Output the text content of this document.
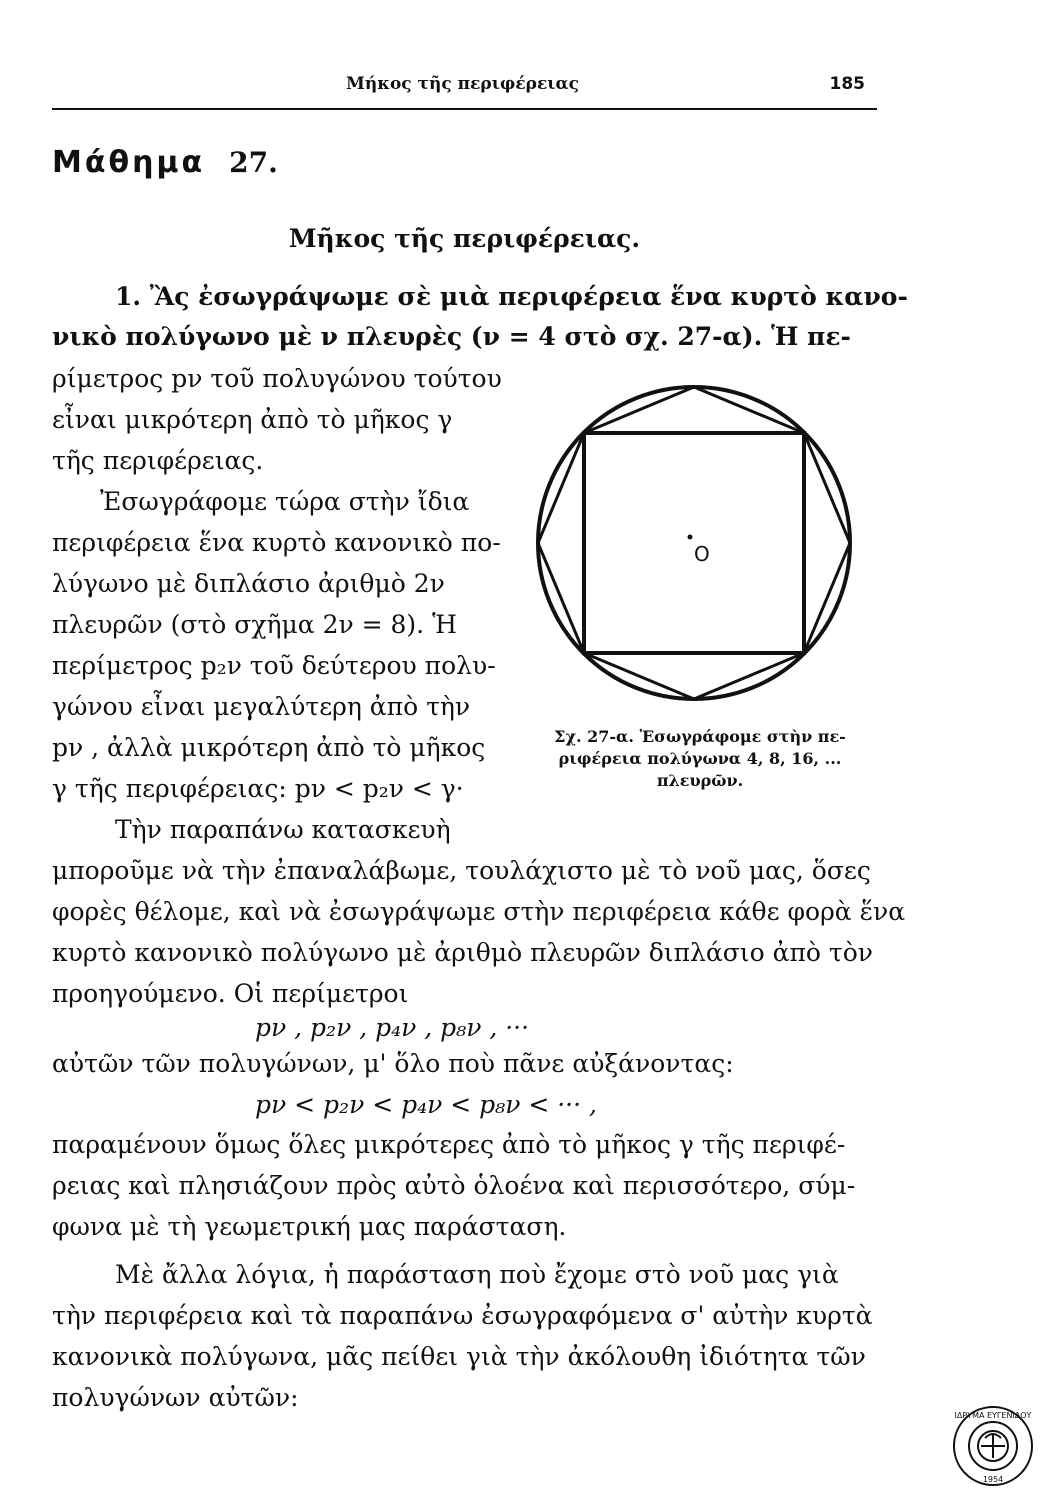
Μήκος τῆς περιφέρειας	185
Μάθημα 27.
Μῆκος τῆς περιφέρειας.
1. Ἂς ἐσωγράψωμε σὲ μιὰ περιφέρεια ἕνα κυρτὸ κανο-
νικὸ πολύγωνο μὲ ν πλευρὲς (ν = 4 στὸ σχ. 27-α). Ἡ πε-
ρίμετρος pν τοῦ πολυγώνου τούτου
εἶναι μικρότερη ἀπὸ τὸ μῆκος γ
τῆς περιφέρειας.
Ἐσωγράφομε τώρα στὴν ἴδια
περιφέρεια ἕνα κυρτὸ κανονικὸ πο-
λύγωνο μὲ διπλάσιο ἀριθμὸ 2ν
πλευρῶν (στὸ σχῆμα 2ν = 8). Ἡ
περίμετρος p₂ν τοῦ δεύτερου πολυ-
γώνου εἶναι μεγαλύτερη ἀπὸ τὴν
pν , ἀλλὰ μικρότερη ἀπὸ τὸ μῆκος
γ τῆς περιφέρειας: pν < p₂ν < γ·
Τὴν παραπάνω κατασκευὴ
μποροῦμε νὰ τὴν ἐπαναλάβωμε, τουλάχιστο μὲ τὸ νοῦ μας, ὅσες
φορὲς θέλομε, καὶ νὰ ἐσωγράψωμε στὴν περιφέρεια κάθε φορὰ ἕνα
κυρτὸ κανονικὸ πολύγωνο μὲ ἀριθμὸ πλευρῶν διπλάσιο ἀπὸ τὸν
προηγούμενο. Οἱ περίμετροι
pν , p₂ν , p₄ν , p₈ν , ···
αὐτῶν τῶν πολυγώνων, μ' ὅλο ποὺ πᾶνε αὐξάνοντας:
pν < p₂ν < p₄ν < p₈ν < ··· ,
παραμένουν ὅμως ὅλες μικρότερες ἀπὸ τὸ μῆκος γ τῆς περιφέ-
ρειας καὶ πλησιάζουν πρὸς αὐτὸ ὁλοένα καὶ περισσότερο, σύμ-
φωνα μὲ τὴ γεωμετρική μας παράσταση.
Μὲ ἄλλα λόγια, ἡ παράσταση ποὺ ἔχομε στὸ νοῦ μας γιὰ
τὴν περιφέρεια καὶ τὰ παραπάνω ἐσωγραφόμενα σ' αὐτὴν κυρτὰ
κανονικὰ πολύγωνα, μᾶς πείθει γιὰ τὴν ἀκόλουθη ἰδιότητα τῶν
πολυγώνων αὐτῶν:
O
Σχ. 27-α. Ἐσωγράφομε στὴν πε-
ριφέρεια πολύγωνα 4, 8, 16, ...
πλευρῶν.
ΙΔΡΥΜΑ ΕΥΓΕΝΙΔΟΥ
1954
